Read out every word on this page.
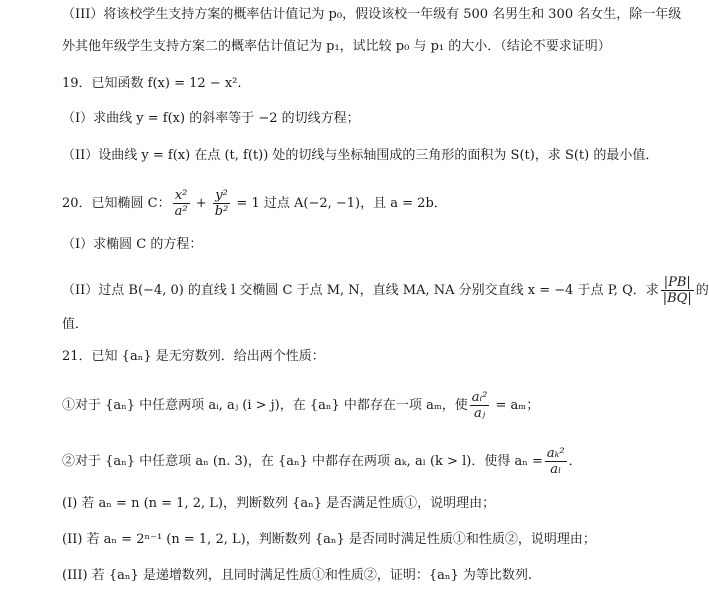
（III）将该校学生支持方案的概率估计值记为 p₀，假设该校一年级有 500 名男生和 300 名女生，除一年级
外其他年级学生支持方案二的概率估计值记为 p₁，试比较 p₀ 与 p₁ 的大小．（结论不要求证明）
19．已知函数 f(x) = 12 − x².
（I）求曲线 y = f(x) 的斜率等于 −2 的切线方程；
（II）设曲线 y = f(x) 在点 (t, f(t)) 处的切线与坐标轴围成的三角形的面积为 S(t)，求 S(t) 的最小值．
20．已知椭圆 C： $\frac{\text{x²}}{\text{a²}} + \frac{\text{y²}}{\text{b²}} = 1$ 过点 A(−2, −1)，且 a = 2b．
（I）求椭圆 C 的方程：
（II）过点 B(−4, 0) 的直线 l 交椭圆 C 于点 M, N，直线 MA, NA 分别交直线 x = −4 于点 P, Q．求 $\frac{|PB|}{|BQ|}$ 的
值．
21．已知 {aₙ} 是无穷数列．给出两个性质：
①对于 {aₙ} 中任意两项 aᵢ, aⱼ (i > j)，在 {aₙ} 中都存在一项 aₘ，使 $\frac{\text{aᵢ²}}{\text{aⱼ}} = a_m$；
②对于 {aₙ} 中任意项 aₙ (n. 3)，在 {aₙ} 中都存在两项 aₖ, aₗ (k > l)．使得 $a_n = \frac{\text{aₖ²}}{\text{aₗ}}$ ．
(I) 若 aₙ = n (n = 1, 2, L)，判断数列 {aₙ} 是否满足性质①，说明理由；
(II) 若 aₙ = 2ⁿ⁻¹ (n = 1, 2, L)，判断数列 {aₙ} 是否同时满足性质①和性质②，说明理由；
(III) 若 {aₙ} 是递增数列，且同时满足性质①和性质②，证明：{aₙ} 为等比数列.
